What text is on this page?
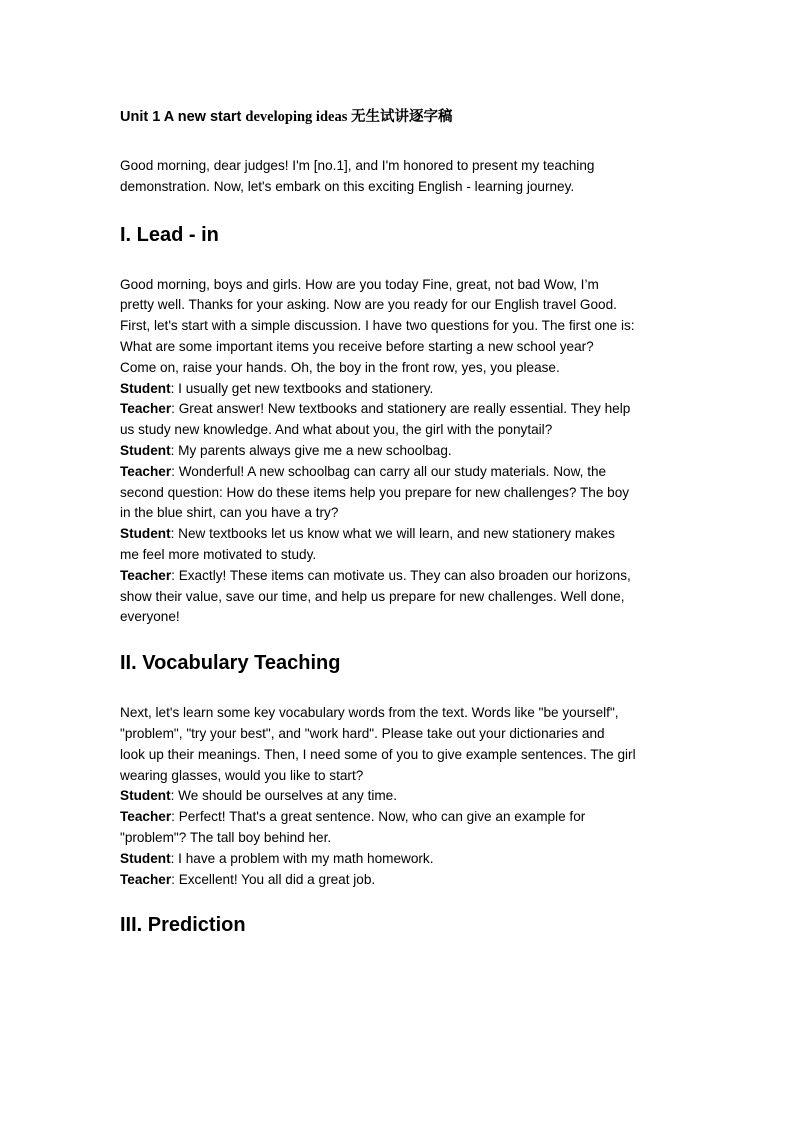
Unit 1 A new start developing ideas 无生试讲逐字稿

Good morning, dear judges! I'm [no.1], and I'm honored to present my teaching

demonstration. Now, let's embark on this exciting English - learning journey.

I. Lead - in

Good morning, boys and girls. How are you today Fine, great, not bad Wow, I’m

pretty well. Thanks for your asking. Now are you ready for our English travel Good.

First, let's start with a simple discussion. I have two questions for you. The first one is:

What are some important items you receive before starting a new school year?

Come on, raise your hands. Oh, the boy in the front row, yes, you please.

Student: I usually get new textbooks and stationery.

Teacher: Great answer! New textbooks and stationery are really essential. They help

us study new knowledge. And what about you, the girl with the ponytail?

Student: My parents always give me a new schoolbag.

Teacher: Wonderful! A new schoolbag can carry all our study materials. Now, the

second question: How do these items help you prepare for new challenges? The boy

in the blue shirt, can you have a try?

Student: New textbooks let us know what we will learn, and new stationery makes

me feel more motivated to study.

Teacher: Exactly! These items can motivate us. They can also broaden our horizons,

show their value, save our time, and help us prepare for new challenges. Well done,

everyone!

II. Vocabulary Teaching

Next, let's learn some key vocabulary words from the text. Words like "be yourself",

"problem", "try your best", and "work hard". Please take out your dictionaries and

look up their meanings. Then, I need some of you to give example sentences. The girl

wearing glasses, would you like to start?

Student: We should be ourselves at any time.

Teacher: Perfect! That's a great sentence. Now, who can give an example for

"problem"? The tall boy behind her.

Student: I have a problem with my math homework.

Teacher: Excellent! You all did a great job.

III. Prediction
